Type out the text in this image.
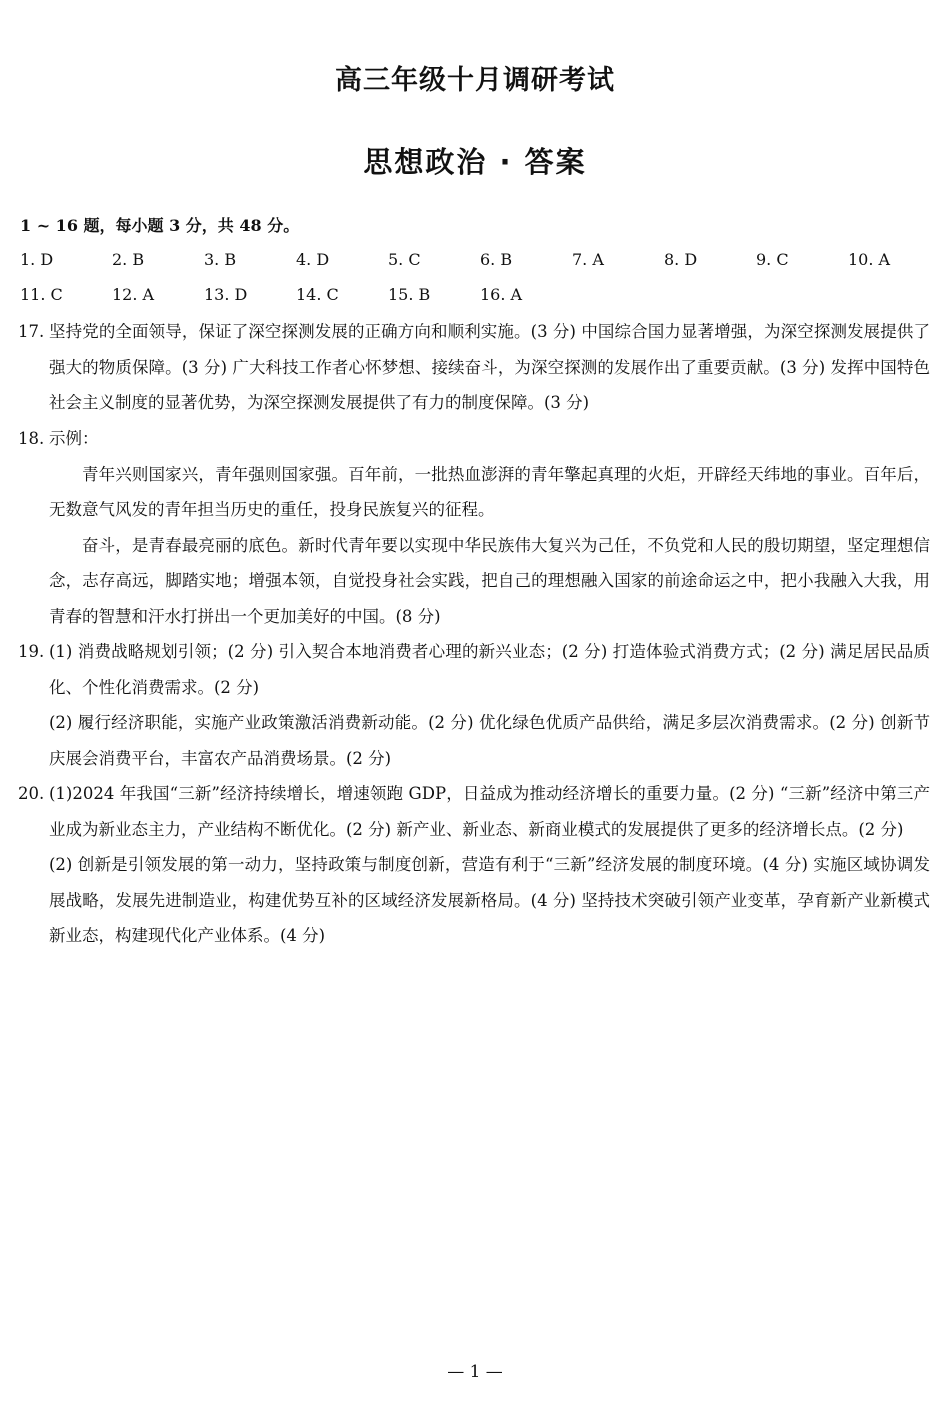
高三年级十月调研考试
思想政治 · 答案
1 ~ 16 题，每小题 3 分，共 48 分。
1. D	2. B	3. B	4. D	5. C	6. B	7. A	8. D	9. C	10. A
11. C	12. A	13. D	14. C	15. B	16. A
17. 坚持党的全面领导，保证了深空探测发展的正确方向和顺利实施。(3 分) 中国综合国力显著增强，为深空探测发展提供了强大的物质保障。(3 分) 广大科技工作者心怀梦想、接续奋斗，为深空探测的发展作出了重要贡献。(3 分) 发挥中国特色社会主义制度的显著优势，为深空探测发展提供了有力的制度保障。(3 分)
18. 示例：
青年兴则国家兴，青年强则国家强。百年前，一批热血澎湃的青年擎起真理的火炬，开辟经天纬地的事业。百年后，无数意气风发的青年担当历史的重任，投身民族复兴的征程。
奋斗，是青春最亮丽的底色。新时代青年要以实现中华民族伟大复兴为己任，不负党和人民的殷切期望，坚定理想信念，志存高远，脚踏实地；增强本领，自觉投身社会实践，把自己的理想融入国家的前途命运之中，把小我融入大我，用青春的智慧和汗水打拼出一个更加美好的中国。(8 分)
19. (1) 消费战略规划引领；(2 分) 引入契合本地消费者心理的新兴业态；(2 分) 打造体验式消费方式；(2 分) 满足居民品质化、个性化消费需求。(2 分)
(2) 履行经济职能，实施产业政策激活消费新动能。(2 分) 优化绿色优质产品供给，满足多层次消费需求。(2 分) 创新节庆展会消费平台，丰富农产品消费场景。(2 分)
20. (1)2024 年我国“三新”经济持续增长，增速领跑 GDP，日益成为推动经济增长的重要力量。(2 分) “三新”经济中第三产业成为新业态主力，产业结构不断优化。(2 分) 新产业、新业态、新商业模式的发展提供了更多的经济增长点。(2 分)
(2) 创新是引领发展的第一动力，坚持政策与制度创新，营造有利于“三新”经济发展的制度环境。(4 分) 实施区域协调发展战略，发展先进制造业，构建优势互补的区域经济发展新格局。(4 分) 坚持技术突破引领产业变革，孕育新产业新模式新业态，构建现代化产业体系。(4 分)
— 1 —
